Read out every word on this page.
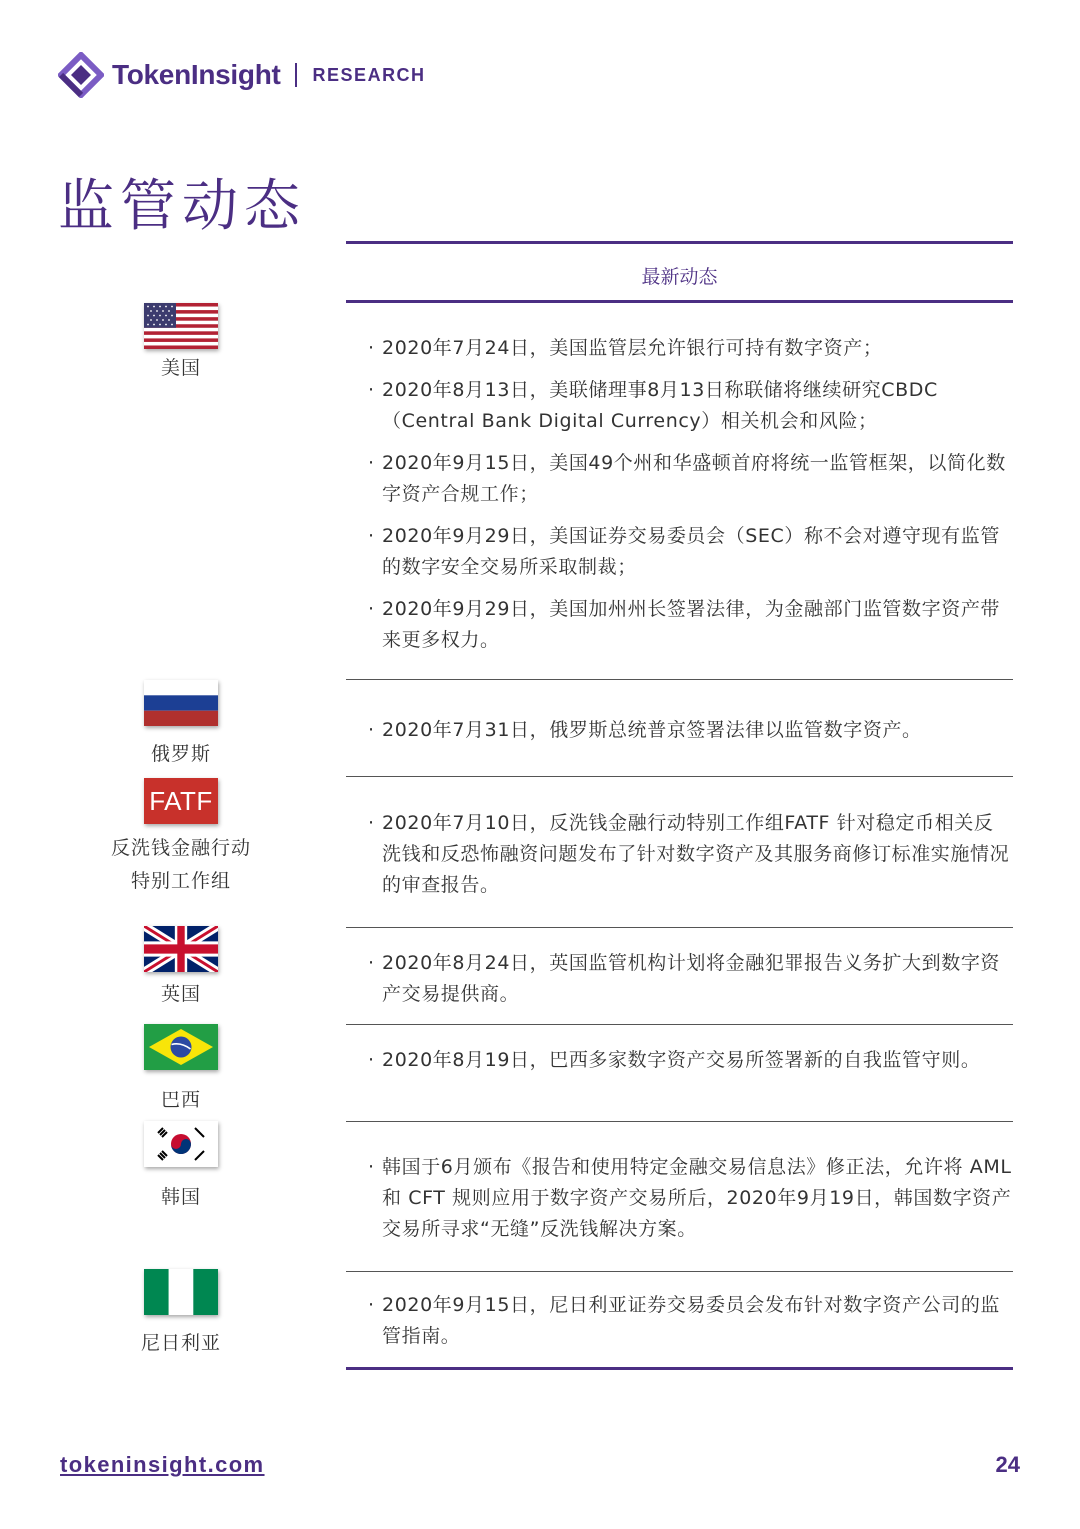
TokenInsight RESEARCH
监管动态
最新动态
美国

· 2020年7月24日，美国监管层允许银行可持有数字资产；

· 2020年8月13日，美联储理事8月13日称联储将继续研究CBDC（Central Bank Digital Currency）相关机会和风险；

· 2020年9月15日，美国49个州和华盛顿首府将统一监管框架，以简化数字资产合规工作；

· 2020年9月29日，美国证券交易委员会（SEC）称不会对遵守现有监管的数字安全交易所采取制裁；

· 2020年9月29日，美国加州州长签署法律，为金融部门监管数字资产带来更多权力。

俄罗斯

· 2020年7月31日，俄罗斯总统普京签署法律以监管数字资产。

FATF
反洗钱金融行动
特别工作组

· 2020年7月10日，反洗钱金融行动特别工作组FATF 针对稳定币相关反洗钱和反恐怖融资问题发布了针对数字资产及其服务商修订标准实施情况的审查报告。

英国

· 2020年8月24日，英国监管机构计划将金融犯罪报告义务扩大到数字资产交易提供商。

巴西

· 2020年8月19日，巴西多家数字资产交易所签署新的自我监管守则。

韩国

· 韩国于6月颁布《报告和使用特定金融交易信息法》修正法，允许将 AML 和 CFT 规则应用于数字资产交易所后，2020年9月19日，韩国数字资产交易所寻求“无缝”反洗钱解决方案。

尼日利亚

· 2020年9月15日，尼日利亚证券交易委员会发布针对数字资产公司的监管指南。

tokeninsight.com	24
